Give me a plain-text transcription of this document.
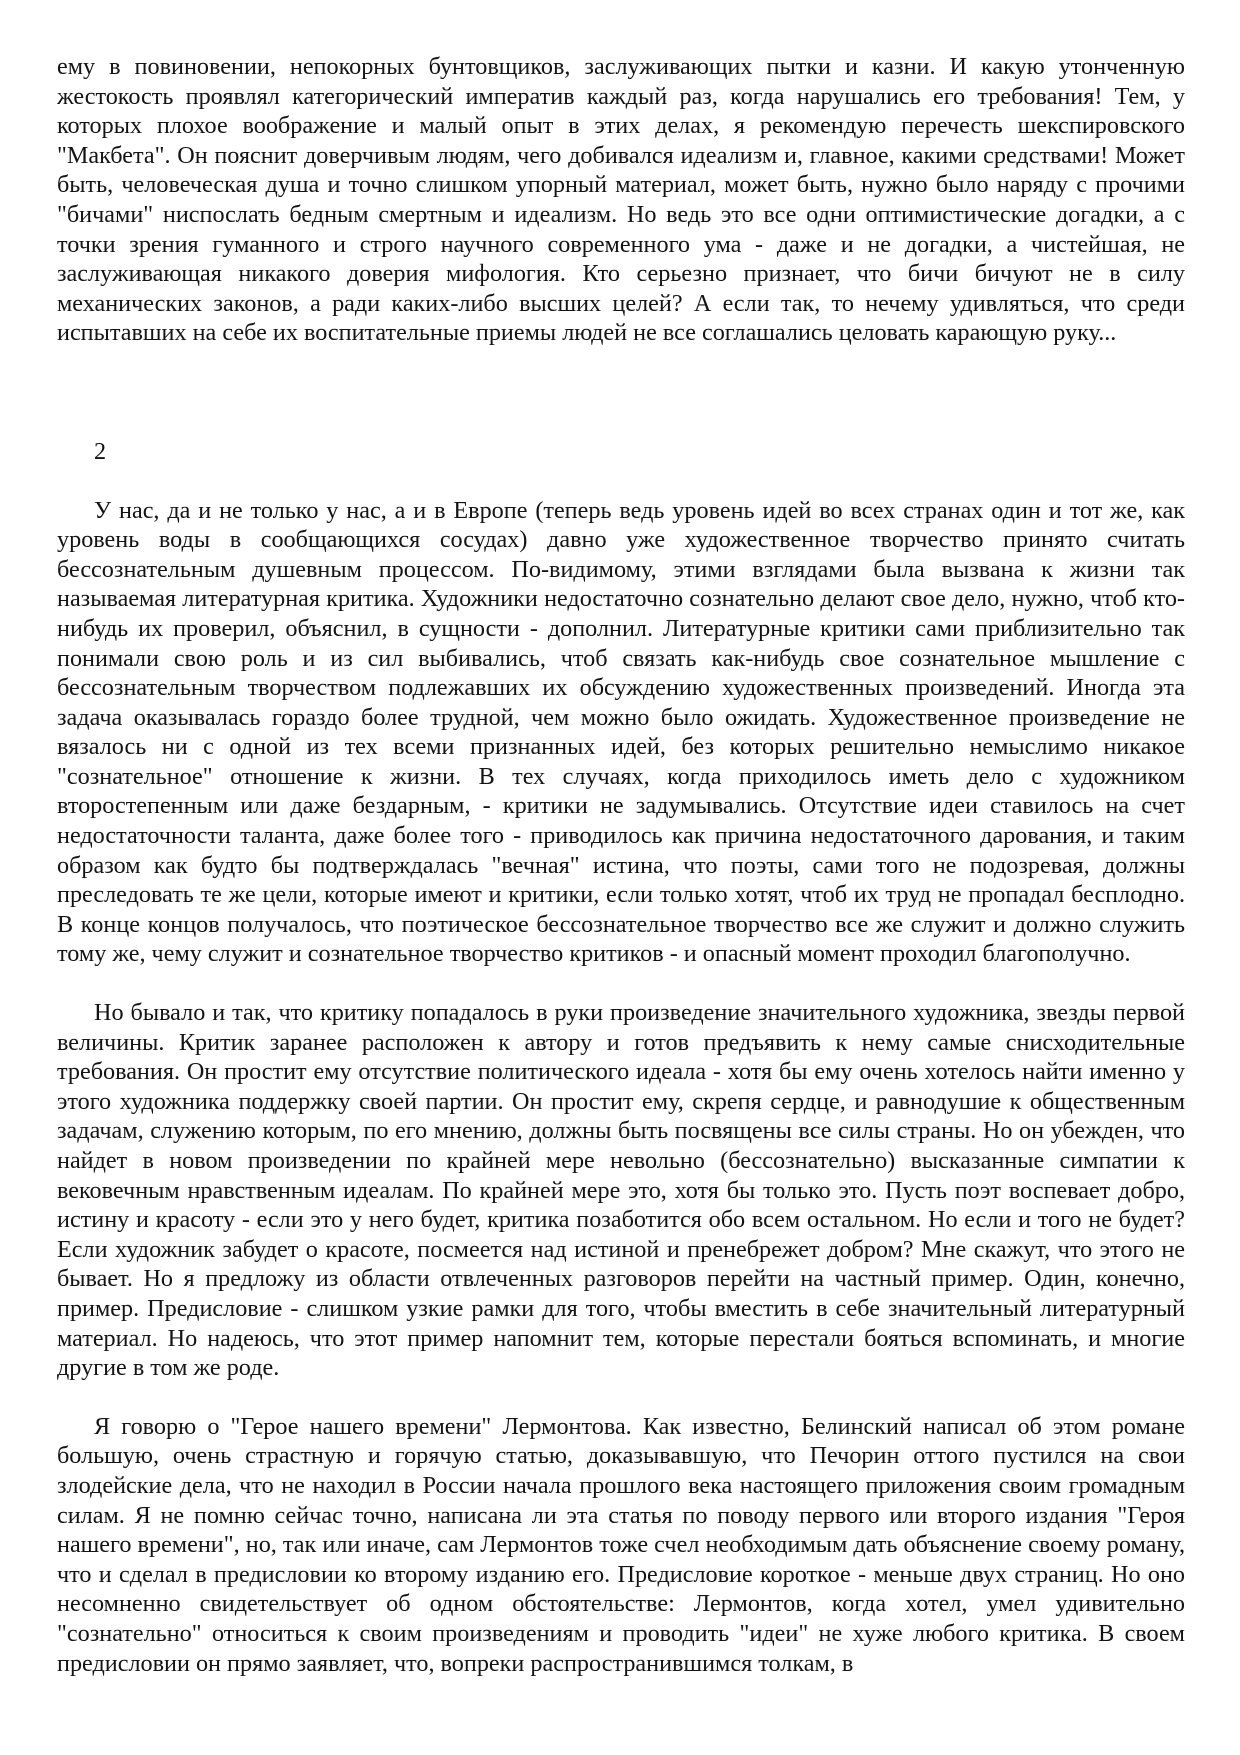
ему в повиновении, непокорных бунтовщиков, заслуживающих пытки и казни. И какую утонченную жестокость проявлял категорический императив каждый раз, когда нарушались его требования! Тем, у которых плохое воображение и малый опыт в этих делах, я рекомендую перечесть шекспировского "Макбета". Он пояснит доверчивым людям, чего добивался идеализм и, главное, какими средствами! Может быть, человеческая душа и точно слишком упорный материал, может быть, нужно было наряду с прочими "бичами" ниспослать бедным смертным и идеализм. Но ведь это все одни оптимистические догадки, а с точки зрения гуманного и строго научного современного ума - даже и не догадки, а чистейшая, не заслуживающая никакого доверия мифология. Кто серьезно признает, что бичи бичуют не в силу механических законов, а ради каких-либо высших целей? А если так, то нечему удивляться, что среди испытавших на себе их воспитательные приемы людей не все соглашались целовать карающую руку...

2

У нас, да и не только у нас, а и в Европе (теперь ведь уровень идей во всех странах один и тот же, как уровень воды в сообщающихся сосудах) давно уже художественное творчество принято считать бессознательным душевным процессом. По-видимому, этими взглядами была вызвана к жизни так называемая литературная критика. Художники недостаточно сознательно делают свое дело, нужно, чтоб кто-нибудь их проверил, объяснил, в сущности - дополнил. Литературные критики сами приблизительно так понимали свою роль и из сил выбивались, чтоб связать как-нибудь свое сознательное мышление с бессознательным творчеством подлежавших их обсуждению художественных произведений. Иногда эта задача оказывалась гораздо более трудной, чем можно было ожидать. Художественное произведение не вязалось ни с одной из тех всеми признанных идей, без которых решительно немыслимо никакое "сознательное" отношение к жизни. В тех случаях, когда приходилось иметь дело с художником второстепенным или даже бездарным, - критики не задумывались. Отсутствие идеи ставилось на счет недостаточности таланта, даже более того - приводилось как причина недостаточного дарования, и таким образом как будто бы подтверждалась "вечная" истина, что поэты, сами того не подозревая, должны преследовать те же цели, которые имеют и критики, если только хотят, чтоб их труд не пропадал бесплодно. В конце концов получалось, что поэтическое бессознательное творчество все же служит и должно служить тому же, чему служит и сознательное творчество критиков - и опасный момент проходил благополучно.

Но бывало и так, что критику попадалось в руки произведение значительного художника, звезды первой величины. Критик заранее расположен к автору и готов предъявить к нему самые снисходительные требования. Он простит ему отсутствие политического идеала - хотя бы ему очень хотелось найти именно у этого художника поддержку своей партии. Он простит ему, скрепя сердце, и равнодушие к общественным задачам, служению которым, по его мнению, должны быть посвящены все силы страны. Но он убежден, что найдет в новом произведении по крайней мере невольно (бессознательно) высказанные симпатии к вековечным нравственным идеалам. По крайней мере это, хотя бы только это. Пусть поэт воспевает добро, истину и красоту - если это у него будет, критика позаботится обо всем остальном. Но если и того не будет? Если художник забудет о красоте, посмеется над истиной и пренебрежет добром? Мне скажут, что этого не бывает. Но я предложу из области отвлеченных разговоров перейти на частный пример. Один, конечно, пример. Предисловие - слишком узкие рамки для того, чтобы вместить в себе значительный литературный материал. Но надеюсь, что этот пример напомнит тем, которые перестали бояться вспоминать, и многие другие в том же роде.

Я говорю о "Герое нашего времени" Лермонтова. Как известно, Белинский написал об этом романе большую, очень страстную и горячую статью, доказывавшую, что Печорин оттого пустился на свои злодейские дела, что не находил в России начала прошлого века настоящего приложения своим громадным силам. Я не помню сейчас точно, написана ли эта статья по поводу первого или второго издания "Героя нашего времени", но, так или иначе, сам Лермонтов тоже счел необходимым дать объяснение своему роману, что и сделал в предисловии ко второму изданию его. Предисловие короткое - меньше двух страниц. Но оно несомненно свидетельствует об одном обстоятельстве: Лермонтов, когда хотел, умел удивительно "сознательно" относиться к своим произведениям и проводить "идеи" не хуже любого критика. В своем предисловии он прямо заявляет, что, вопреки распространившимся толкам, в
